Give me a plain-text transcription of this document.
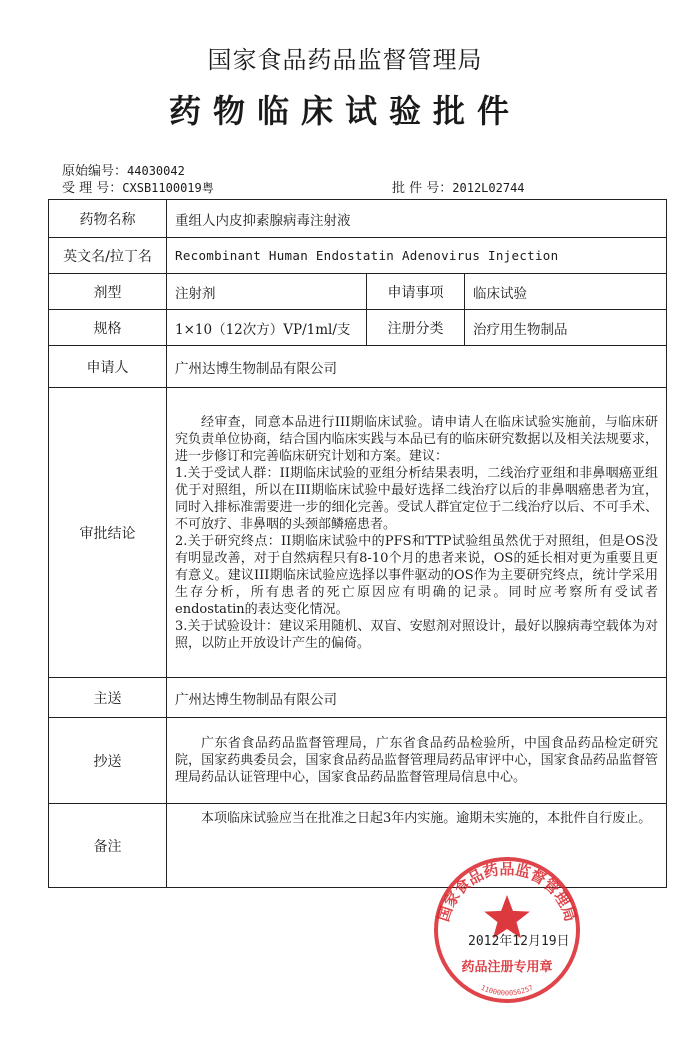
国家食品药品监督管理局
药物临床试验批件
原始编号：44030042
受 理 号：CXSB1100019粤	批 件 号：2012L02744
药物名称	重组人内皮抑素腺病毒注射液		
英文名/拉丁名	Recombinant Human Endostatin Adenovirus Injection		
剂型	注射剂	申请事项	临床试验
规格	1×10（12次方）VP/1ml/支	注册分类	治疗用生物制品
申请人	广州达博生物制品有限公司		
审批结论	经审查，同意本品进行III期临床试验。请申请人在临床试验实施前，与临床研究负责单位协商，结合国内临床实践与本品已有的临床研究数据以及相关法规要求，进一步修订和完善临床研究计划和方案。建议：

1.关于受试人群：II期临床试验的亚组分析结果表明，二线治疗亚组和非鼻咽癌亚组优于对照组，所以在III期临床试验中最好选择二线治疗以后的非鼻咽癌患者为宜，同时入排标准需要进一步的细化完善。受试人群宜定位于二线治疗以后、不可手术、不可放疗、非鼻咽的头颈部鳞癌患者。

2.关于研究终点：II期临床试验中的PFS和TTP试验组虽然优于对照组，但是OS没有明显改善，对于自然病程只有8-10个月的患者来说，OS的延长相对更为重要且更有意义。建议III期临床试验应选择以事件驱动的OS作为主要研究终点，统计学采用生存分析，所有患者的死亡原因应有明确的记录。同时应考察所有受试者endostatin的表达变化情况。

3.关于试验设计：建议采用随机、双盲、安慰剂对照设计，最好以腺病毒空载体为对照，以防止开放设计产生的偏倚。		

主送	广州达博生物制品有限公司		
抄送	广东省食品药品监督管理局，广东省食品药品检验所，中国食品药品检定研究院，国家药典委员会，国家食品药品监督管理局药品审评中心，国家食品药品监督管理局药品认证管理中心，国家食品药品监督管理局信息中心。		

备注	本项临床试验应当在批准之日起3年内实施。逾期未实施的，本批件自行废止。		

国家食品药品监督管理局
药品注册专用章
1100000056257
2012年12月19日
